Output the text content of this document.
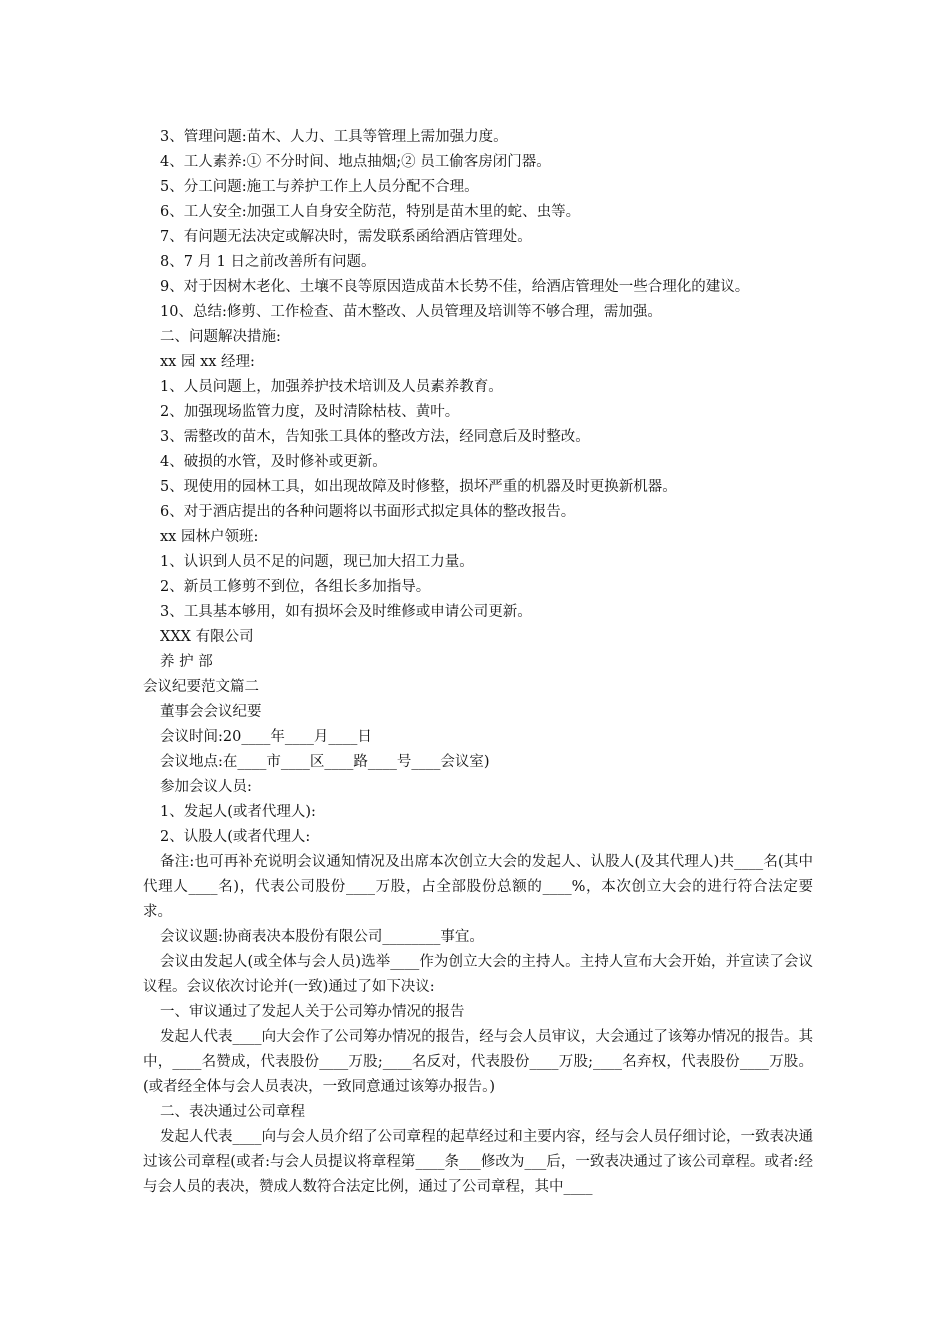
3、管理问题:苗木、人力、工具等管理上需加强力度。
4、工人素养:① 不分时间、地点抽烟;② 员工偷客房闭门器。
5、分工问题:施工与养护工作上人员分配不合理。
6、工人安全:加强工人自身安全防范，特别是苗木里的蛇、虫等。
7、有问题无法决定或解决时，需发联系函给酒店管理处。
8、7 月 1 日之前改善所有问题。
9、对于因树木老化、土壤不良等原因造成苗木长势不佳，给酒店管理处一些合理化的建议。
10、总结:修剪、工作检查、苗木整改、人员管理及培训等不够合理，需加强。
二、问题解决措施:
xx 园 xx 经理:
1、人员问题上，加强养护技术培训及人员素养教育。
2、加强现场监管力度，及时清除枯枝、黄叶。
3、需整改的苗木，告知张工具体的整改方法，经同意后及时整改。
4、破损的水管，及时修补或更新。
5、现使用的园林工具，如出现故障及时修整，损坏严重的机器及时更换新机器。
6、对于酒店提出的各种问题将以书面形式拟定具体的整改报告。
xx 园林户领班:
1、认识到人员不足的问题，现已加大招工力量。
2、新员工修剪不到位，各组长多加指导。
3、工具基本够用，如有损坏会及时维修或申请公司更新。
XXX 有限公司
养 护 部
会议纪要范文篇二
董事会会议纪要
会议时间:20____年____月____日
会议地点:在____市____区____路____号____会议室)
参加会议人员:
1、发起人(或者代理人):
2、认股人(或者代理人:
备注:也可再补充说明会议通知情况及出席本次创立大会的发起人、认股人(及其代理人)共____名(其中代理人____名)，代表公司股份____万股，占全部股份总额的____%，本次创立大会的进行符合法定要求。
会议议题:协商表决本股份有限公司________事宜。
会议由发起人(或全体与会人员)选举____作为创立大会的主持人。主持人宣布大会开始，并宣读了会议议程。会议依次讨论并(一致)通过了如下决议:
一、审议通过了发起人关于公司筹办情况的报告
发起人代表____向大会作了公司筹办情况的报告，经与会人员审议，大会通过了该筹办情况的报告。其中，____名赞成，代表股份____万股;____名反对，代表股份____万股;____名弃权，代表股份____万股。(或者经全体与会人员表决，一致同意通过该筹办报告。)
二、表决通过公司章程
发起人代表____向与会人员介绍了公司章程的起草经过和主要内容，经与会人员仔细讨论，一致表决通过该公司章程(或者:与会人员提议将章程第____条___修改为___后，一致表决通过了该公司章程。或者:经与会人员的表决，赞成人数符合法定比例，通过了公司章程，其中____
